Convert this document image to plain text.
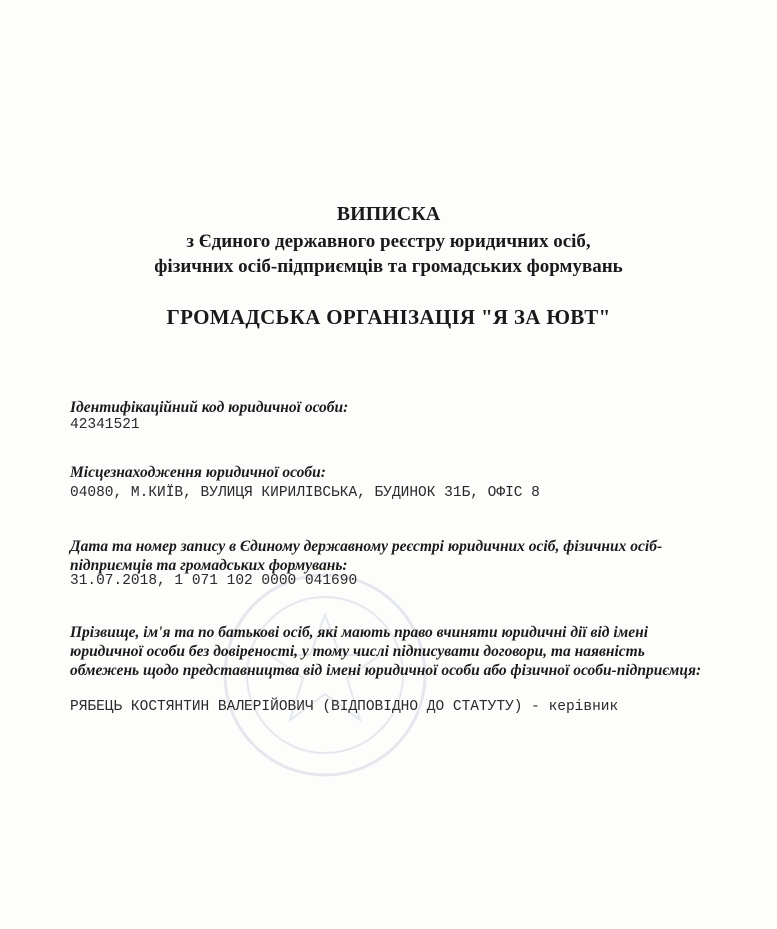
ВИПИСКА
з Єдиного державного реєстру юридичних осіб,
фізичних осіб-підприємців та громадських формувань
ГРОМАДСЬКА ОРГАНІЗАЦІЯ "Я ЗА ЮВТ"
Ідентифікаційний код юридичної особи:
42341521
Місцезнаходження юридичної особи:
04080, М.КИЇВ, ВУЛИЦЯ КИРИЛІВСЬКА, БУДИНОК 31Б, ОФІС 8
Дата та номер запису в Єдиному державному реєстрі юридичних осіб, фізичних осіб-підприємців та громадських формувань:
31.07.2018, 1 071 102 0000 041690
Прізвище, ім'я та по батькові осіб, які мають право вчиняти юридичні дії від імені юридичної особи без довіреності, у тому числі підписувати договори, та наявність обмежень щодо представництва від імені юридичної особи або фізичної особи-підприємця:
РЯБЕЦЬ КОСТЯНТИН ВАЛЕРІЙОВИЧ (ВІДПОВІДНО ДО СТАТУТУ) - керівник
